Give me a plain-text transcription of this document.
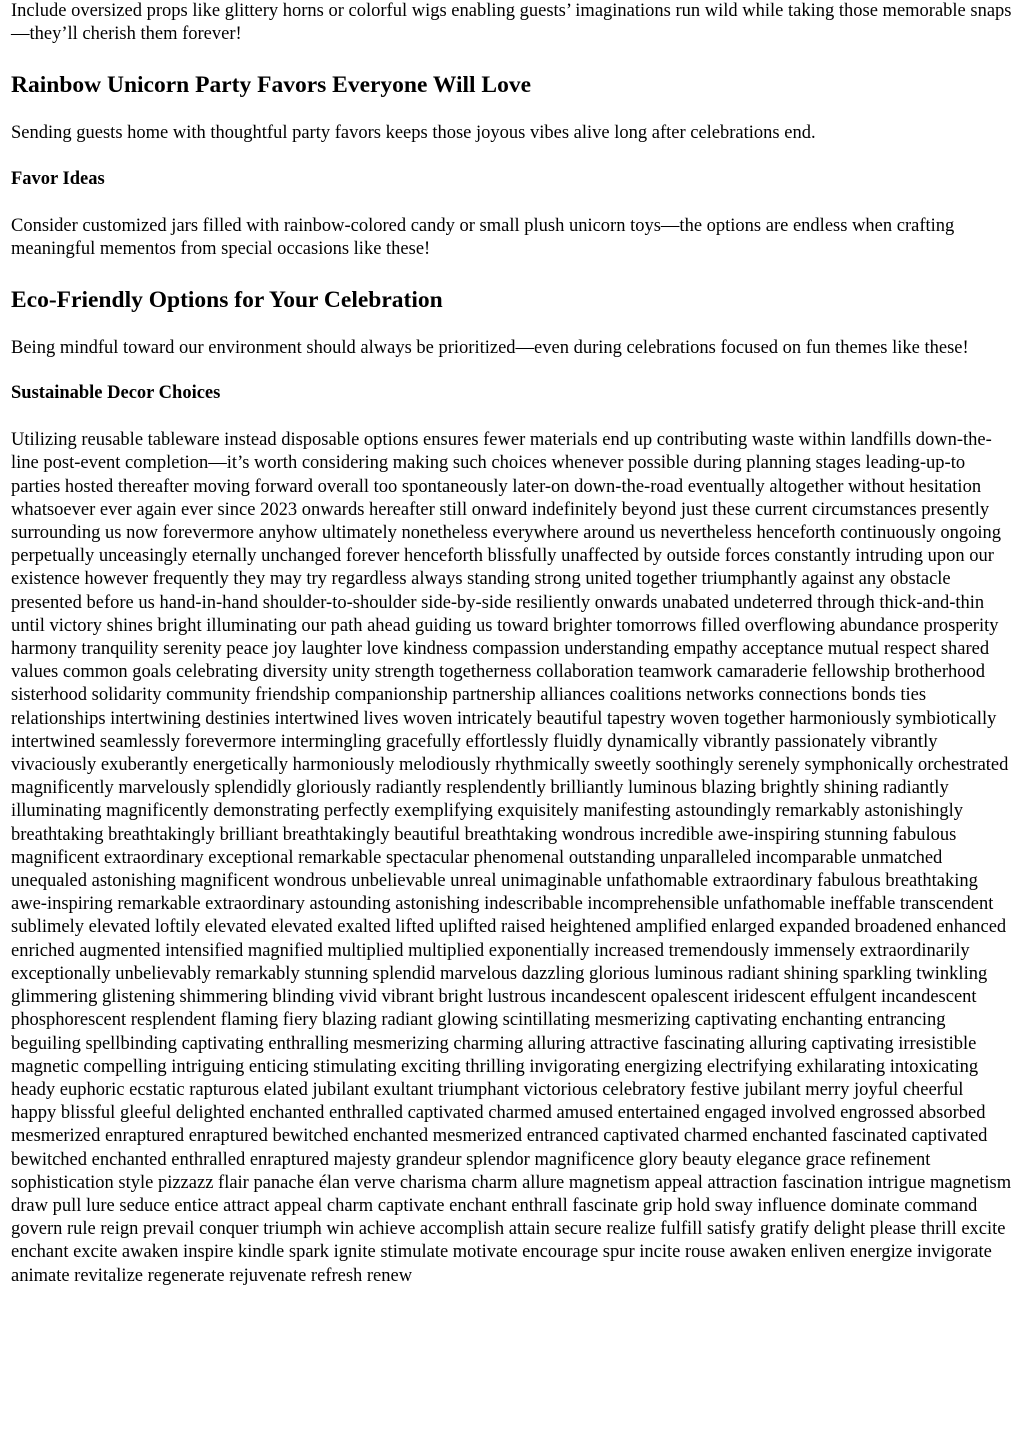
Include oversized props like glittery horns or colorful wigs enabling guests’ imaginations run wild while taking those memorable snaps—they’ll cherish them forever!

Rainbow Unicorn Party Favors Everyone Will Love

Sending guests home with thoughtful party favors keeps those joyous vibes alive long after celebrations end.

Favor Ideas

Consider customized jars filled with rainbow-colored candy or small plush unicorn toys—the options are endless when crafting meaningful mementos from special occasions like these!

Eco-Friendly Options for Your Celebration

Being mindful toward our environment should always be prioritized—even during celebrations focused on fun themes like these!

Sustainable Decor Choices

Utilizing reusable tableware instead disposable options ensures fewer materials end up contributing waste within landfills down-the-line post-event completion—it’s worth considering making such choices whenever possible during planning stages leading-up-to parties hosted thereafter moving forward overall too spontaneously later-on down-the-road eventually altogether without hesitation whatsoever ever again ever since 2023 onwards hereafter still onward indefinitely beyond just these current circumstances presently surrounding us now forevermore anyhow ultimately nonetheless everywhere around us nevertheless henceforth continuously ongoing perpetually unceasingly eternally unchanged forever henceforth blissfully unaffected by outside forces constantly intruding upon our existence however frequently they may try regardless always standing strong united together triumphantly against any obstacle presented before us hand-in-hand shoulder-to-shoulder side-by-side resiliently onwards unabated undeterred through thick-and-thin until victory shines bright illuminating our path ahead guiding us toward brighter tomorrows filled overflowing abundance prosperity harmony tranquility serenity peace joy laughter love kindness compassion understanding empathy acceptance mutual respect shared values common goals celebrating diversity unity strength togetherness collaboration teamwork camaraderie fellowship brotherhood sisterhood solidarity community friendship companionship partnership alliances coalitions networks connections bonds ties relationships intertwining destinies intertwined lives woven intricately beautiful tapestry woven together harmoniously symbiotically intertwined seamlessly forevermore intermingling gracefully effortlessly fluidly dynamically vibrantly passionately vibrantly vivaciously exuberantly energetically harmoniously melodiously rhythmically sweetly soothingly serenely symphonically orchestrated magnificently marvelously splendidly gloriously radiantly resplendently brilliantly luminous blazing brightly shining radiantly illuminating magnificently demonstrating perfectly exemplifying exquisitely manifesting astoundingly remarkably astonishingly breathtaking breathtakingly brilliant breathtakingly beautiful breathtaking wondrous incredible awe-inspiring stunning fabulous magnificent extraordinary exceptional remarkable spectacular phenomenal outstanding unparalleled incomparable unmatched unequaled astonishing magnificent wondrous unbelievable unreal unimaginable unfathomable extraordinary fabulous breathtaking awe-inspiring remarkable extraordinary astounding astonishing indescribable incomprehensible unfathomable ineffable transcendent sublimely elevated loftily elevated elevated exalted lifted uplifted raised heightened amplified enlarged expanded broadened enhanced enriched augmented intensified magnified multiplied multiplied exponentially increased tremendously immensely extraordinarily exceptionally unbelievably remarkably stunning splendid marvelous dazzling glorious luminous radiant shining sparkling twinkling glimmering glistening shimmering blinding vivid vibrant bright lustrous incandescent opalescent iridescent effulgent incandescent phosphorescent resplendent flaming fiery blazing radiant glowing scintillating mesmerizing captivating enchanting entrancing beguiling spellbinding captivating enthralling mesmerizing charming alluring attractive fascinating alluring captivating irresistible magnetic compelling intriguing enticing stimulating exciting thrilling invigorating energizing electrifying exhilarating intoxicating heady euphoric ecstatic rapturous elated jubilant exultant triumphant victorious celebratory festive jubilant merry joyful cheerful happy blissful gleeful delighted enchanted enthralled captivated charmed amused entertained engaged involved engrossed absorbed mesmerized enraptured enraptured bewitched enchanted mesmerized entranced captivated charmed enchanted fascinated captivated bewitched enchanted enthralled enraptured majesty grandeur splendor magnificence glory beauty elegance grace refinement sophistication style pizzazz flair panache élan verve charisma charm allure magnetism appeal attraction fascination intrigue magnetism draw pull lure seduce entice attract appeal charm captivate enchant enthrall fascinate grip hold sway influence dominate command govern rule reign prevail conquer triumph win achieve accomplish attain secure realize fulfill satisfy gratify delight please thrill excite enchant excite awaken inspire kindle spark ignite stimulate motivate encourage spur incite rouse awaken enliven energize invigorate animate revitalize regenerate rejuvenate refresh renew
